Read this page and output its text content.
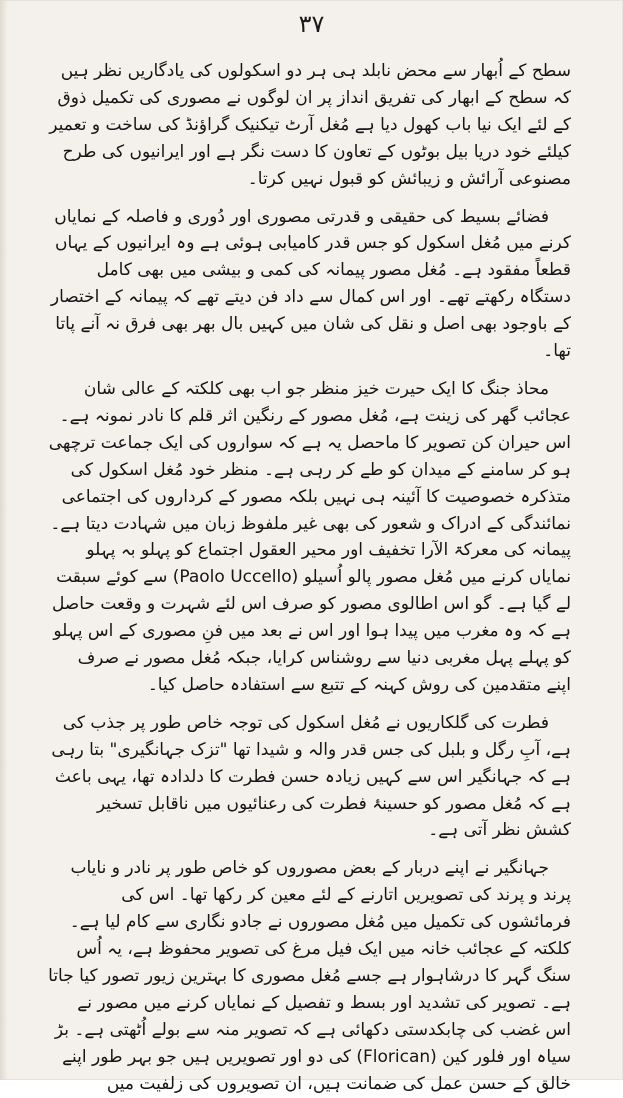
۳۷

سطح کے اُبھار سے محض نابلد ہی ہر دو اسکولوں کی یادگاریں نظر ہیں کہ سطح کے ابھار کی تفریق انداز پر ان لوگوں نے مصوری کی تکمیل ذوق کے لئے ایک نیا باب کھول دیا ہے مُغل آرٹ تیکنیک گراؤنڈ کی ساخت و تعمیر کیلئے خود دریا بیل بوٹوں کے تعاون کا دست نگر ہے اور ایرانیوں کی طرح مصنوعی آرائش و زیبائش کو قبول نہیں کرتا۔

فضائے بسیط کی حقیقی و قدرتی مصوری اور دُوری و فاصلہ کے نمایاں کرنے میں مُغل اسکول کو جس قدر کامیابی ہوئی ہے وہ ایرانیوں کے یہاں قطعاً مفقود ہے۔ مُغل مصور پیمانہ کی کمی و بیشی میں بھی کامل دستگاہ رکھتے تھے۔ اور اس کمال سے داد فن دیتے تھے کہ پیمانہ کے اختصار کے باوجود بھی اصل و نقل کی شان میں کہیں بال بھر بھی فرق نہ آنے پاتا تھا۔

محاذ جنگ کا ایک حیرت خیز منظر جو اب بھی کلکتہ کے عالی شان عجائب گھر کی زینت ہے، مُغل مصور کے رنگین اثر قلم کا نادر نمونہ ہے۔ اس حیران کن تصویر کا ماحصل یہ ہے کہ سواروں کی ایک جماعت ترچھی ہو کر سامنے کے میدان کو طے کر رہی ہے۔ منظر خود مُغل اسکول کی متذکرہ خصوصیت کا آئینہ ہی نہیں بلکہ مصور کے کرداروں کی اجتماعی نمائندگی کے ادراک و شعور کی بھی غیر ملفوظ زبان میں شہادت دیتا ہے۔ پیمانہ کی معرکۃ الآرا تخفیف اور محیر العقول اجتماع کو پہلو بہ پہلو نمایاں کرنے میں مُغل مصور پالو اُسیلو (Paolo Uccello) سے کوئے سبقت لے گیا ہے۔ گو اس اطالوی مصور کو صرف اس لئے شہرت و وقعت حاصل ہے کہ وہ مغرب میں پیدا ہوا اور اس نے بعد میں فنِ مصوری کے اس پہلو کو پہلے پہل مغربی دنیا سے روشناس کرایا، جبکہ مُغل مصور نے صرف اپنے متقدمین کی روش کہنہ کے تتبع سے استفادہ حاصل کیا۔

فطرت کی گلکاریوں نے مُغل اسکول کی توجہ خاص طور پر جذب کی ہے، آبِ رگل و بلبل کی جس قدر والہ و شیدا تھا "تزک جہانگیری" بتا رہی ہے کہ جہانگیر اس سے کہیں زیادہ حسن فطرت کا دلدادہ تھا، یہی باعث ہے کہ مُغل مصور کو حسینۂ فطرت کی رعنائیوں میں ناقابل تسخیر کشش نظر آتی ہے۔

جہانگیر نے اپنے دربار کے بعض مصوروں کو خاص طور پر نادر و نایاب پرند و پرند کی تصویریں اتارنے کے لئے معین کر رکھا تھا۔ اس کی فرمائشوں کی تکمیل میں مُغل مصوروں نے جادو نگاری سے کام لیا ہے۔ کلکتہ کے عجائب خانہ میں ایک فیل مرغ کی تصویر محفوظ ہے، یہ اُس سنگ گہر کا درشاہوار ہے جسے مُغل مصوری کا بہترین زیور تصور کیا جاتا ہے۔ تصویر کی تشدید اور بسط و تفصیل کے نمایاں کرنے میں مصور نے اس غضب کی چابکدستی دکھائی ہے کہ تصویر منہ سے بولے اُٹھتی ہے۔ بڑ سیاہ اور فلور کین (Florican) کی دو اور تصویریں ہیں جو بہر طور اپنے خالق کے حسن عمل کی ضمانت ہیں، ان تصویروں کی زلفیت میں
